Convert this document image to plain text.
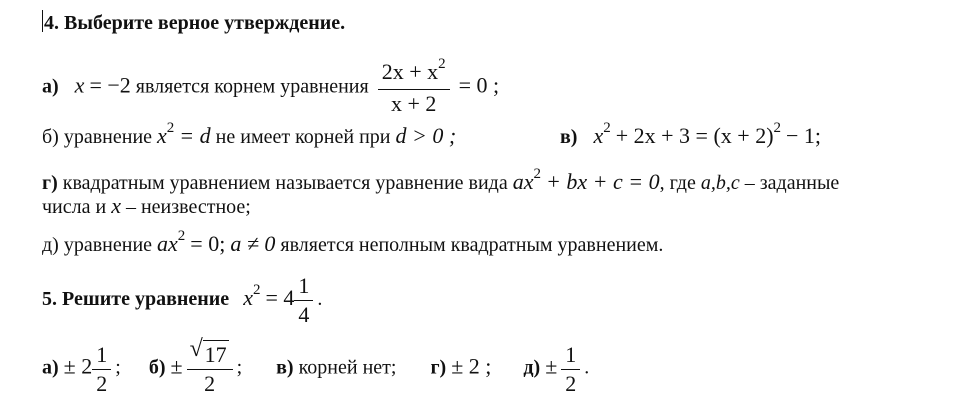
4. Выберите верное утверждение.
а) x = −2 является корнем уравнения $\frac{2x + x^2}{x + 2} = 0$ ;
б) уравнение $x^2 = d$ не имеет корней при d > 0 ;	в) $x^2 + 2x + 3 = (x + 2)^2 - 1$;
г) квадратным уравнением называется уравнение вида $ax^2$ + bx + c = 0, где a,b,c – заданные
числа и x – неизвестное;
д) уравнение $ax^2 = 0$; a ≠ 0 является неполным квадратным уравнением.
5. Решите уравнение $x^2 = 4 \frac{1}{4}$ .
$а) \pm 2 \frac{1}{2}$ ; $б) \pm \frac{√ 17}{2}$ ; в) корней нет; г) ± 2 ; $д) \pm \frac{1}{2}$ .
